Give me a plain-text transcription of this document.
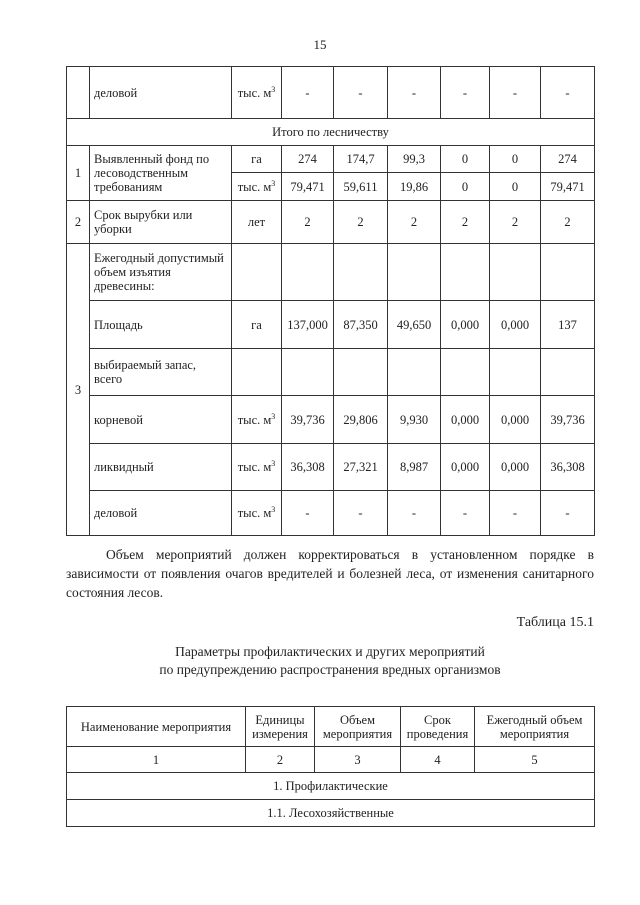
15
	деловой	тыс. $м^3$	-	-	-	-	-	-
Итого по лесничеству								
1	Выявленный фонд по лесоводственным требованиям	га	274	174,7	99,3	0	0	274
		тыс. $м^3$	79,471	59,611	19,86	0	0	79,471
2	Срок вырубки или уборки	лет	2	2	2	2	2	2
3	Ежегодный допустимый объем изъятия древесины:							
	Площадь	га	137,000	87,350	49,650	0,000	0,000	137
	выбираемый запас, всего							
	корневой	тыс. $м^3$	39,736	29,806	9,930	0,000	0,000	39,736
	ликвидный	тыс. $м^3$	36,308	27,321	8,987	0,000	0,000	36,308
	деловой	тыс. $м^3$	-	-	-	-	-	-
Объем мероприятий должен корректироваться в установленном порядке в зависимости от появления очагов вредителей и болезней леса, от изменения санитарного состояния лесов.
Таблица 15.1
Параметры профилактических и других мероприятий
по предупреждению распространения вредных организмов
Наименование мероприятия	Единицы измерения	Объем мероприятия	Срок проведения	Ежегодный объем мероприятия
1	2	3	4	5
1. Профилактические				
1.1. Лесохозяйственные				
